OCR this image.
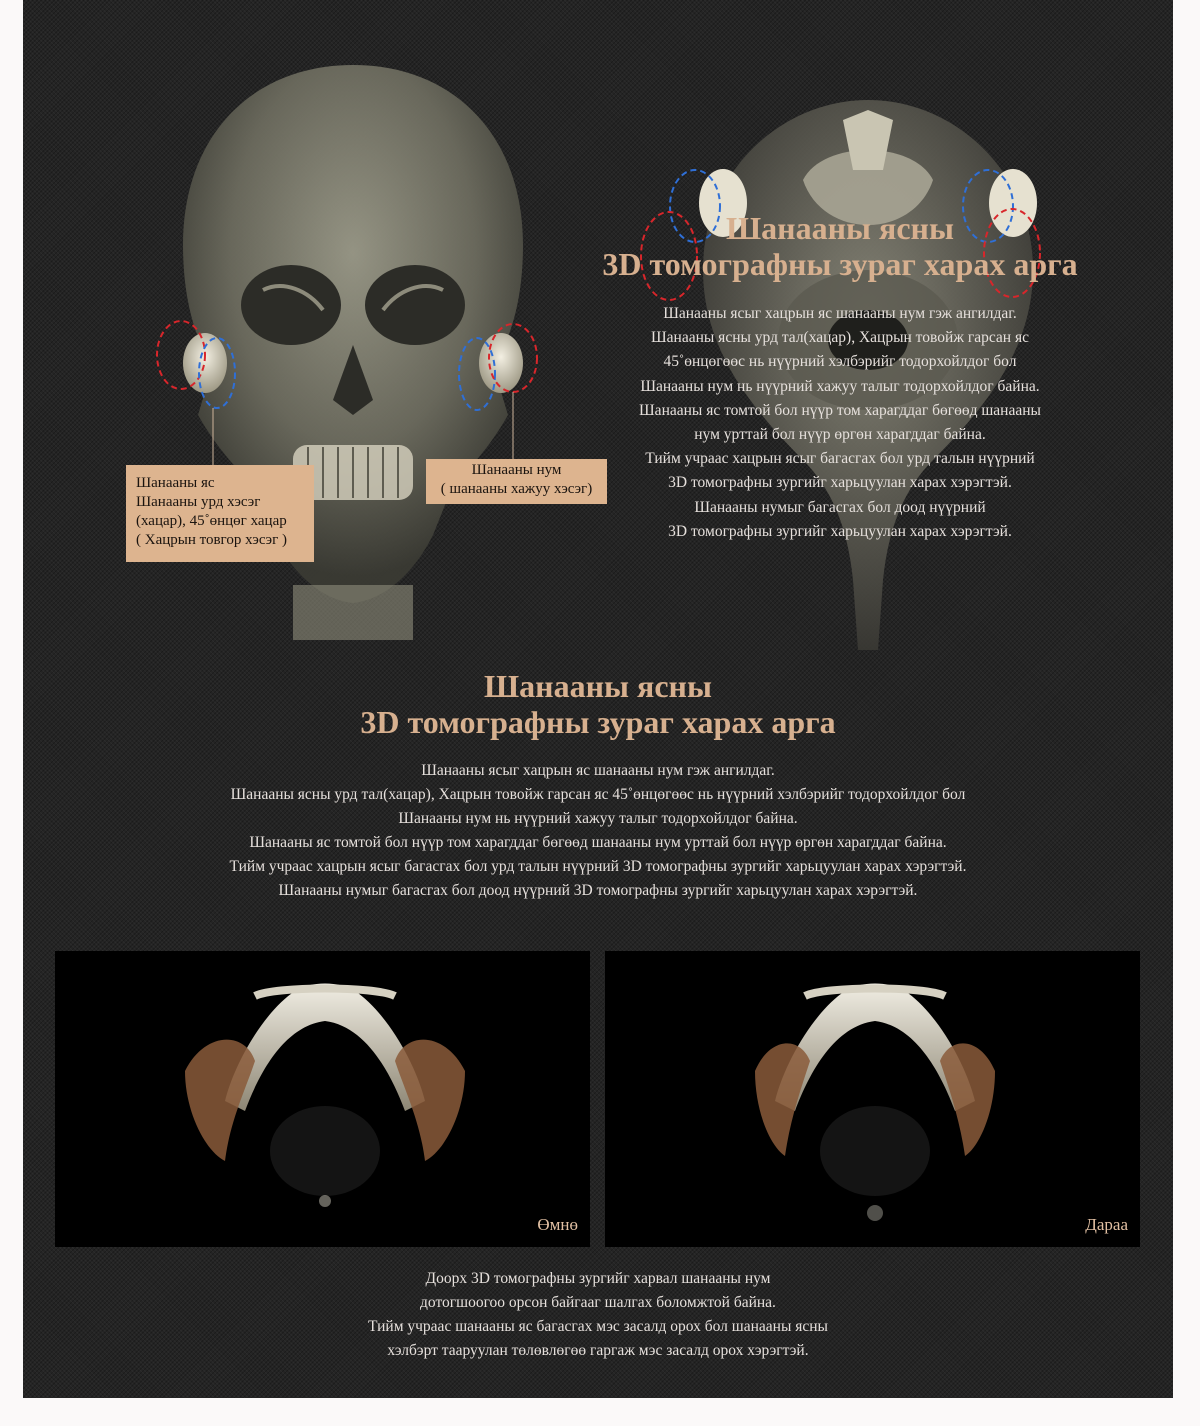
Шанааны яс
Шанааны урд хэсэг
(хацар), 45˚өнцөг хацар
( Хацрын товгор хэсэг )
Шанааны нум
( шанааны хажуу хэсэг)
Шанааны ясны
3D томографны зураг харах арга
Шанааны ясыг хацрын яс шанааны нум гэж ангилдаг.
Шанааны ясны урд тал(хацар), Хацрын товойж гарсан яс
45˚өнцөгөөс нь нүүрний хэлбэрийг тодорхойлдог бол
Шанааны нум нь нүүрний хажуу талыг тодорхойлдог байна.
Шанааны яс томтой бол нүүр том харагддаг бөгөөд шанааны
нум урттай бол нүүр өргөн харагддаг байна.
Тийм учраас хацрын ясыг багасгах бол урд талын нүүрний
3D томографны зургийг харьцуулан харах хэрэгтэй.
Шанааны нумыг багасгах бол доод нүүрний
3D томографны зургийг харьцуулан харах хэрэгтэй.
Шанааны ясны
3D томографны зураг харах арга
Шанааны ясыг хацрын яс шанааны нум гэж ангилдаг.
Шанааны ясны урд тал(хацар), Хацрын товойж гарсан яс 45˚өнцөгөөс нь нүүрний хэлбэрийг тодорхойлдог бол
Шанааны нум нь нүүрний хажуу талыг тодорхойлдог байна.
Шанааны яс томтой бол нүүр том харагддаг бөгөөд шанааны нум урттай бол нүүр өргөн харагддаг байна.
Тийм учраас хацрын ясыг багасгах бол урд талын нүүрний 3D томографны зургийг харьцуулан харах хэрэгтэй.
Шанааны нумыг багасгах бол доод нүүрний 3D томографны зургийг харьцуулан харах хэрэгтэй.
Өмнө	Дараа
Доорх 3D томографны зургийг харвал шанааны нум
дотогшоогоо орсон байгааг шалгах боломжтой байна.
Тийм учраас шанааны яс багасгах мэс засалд орох бол шанааны ясны
хэлбэрт тааруулан төлөвлөгөө гаргаж мэс засалд орох хэрэгтэй.
